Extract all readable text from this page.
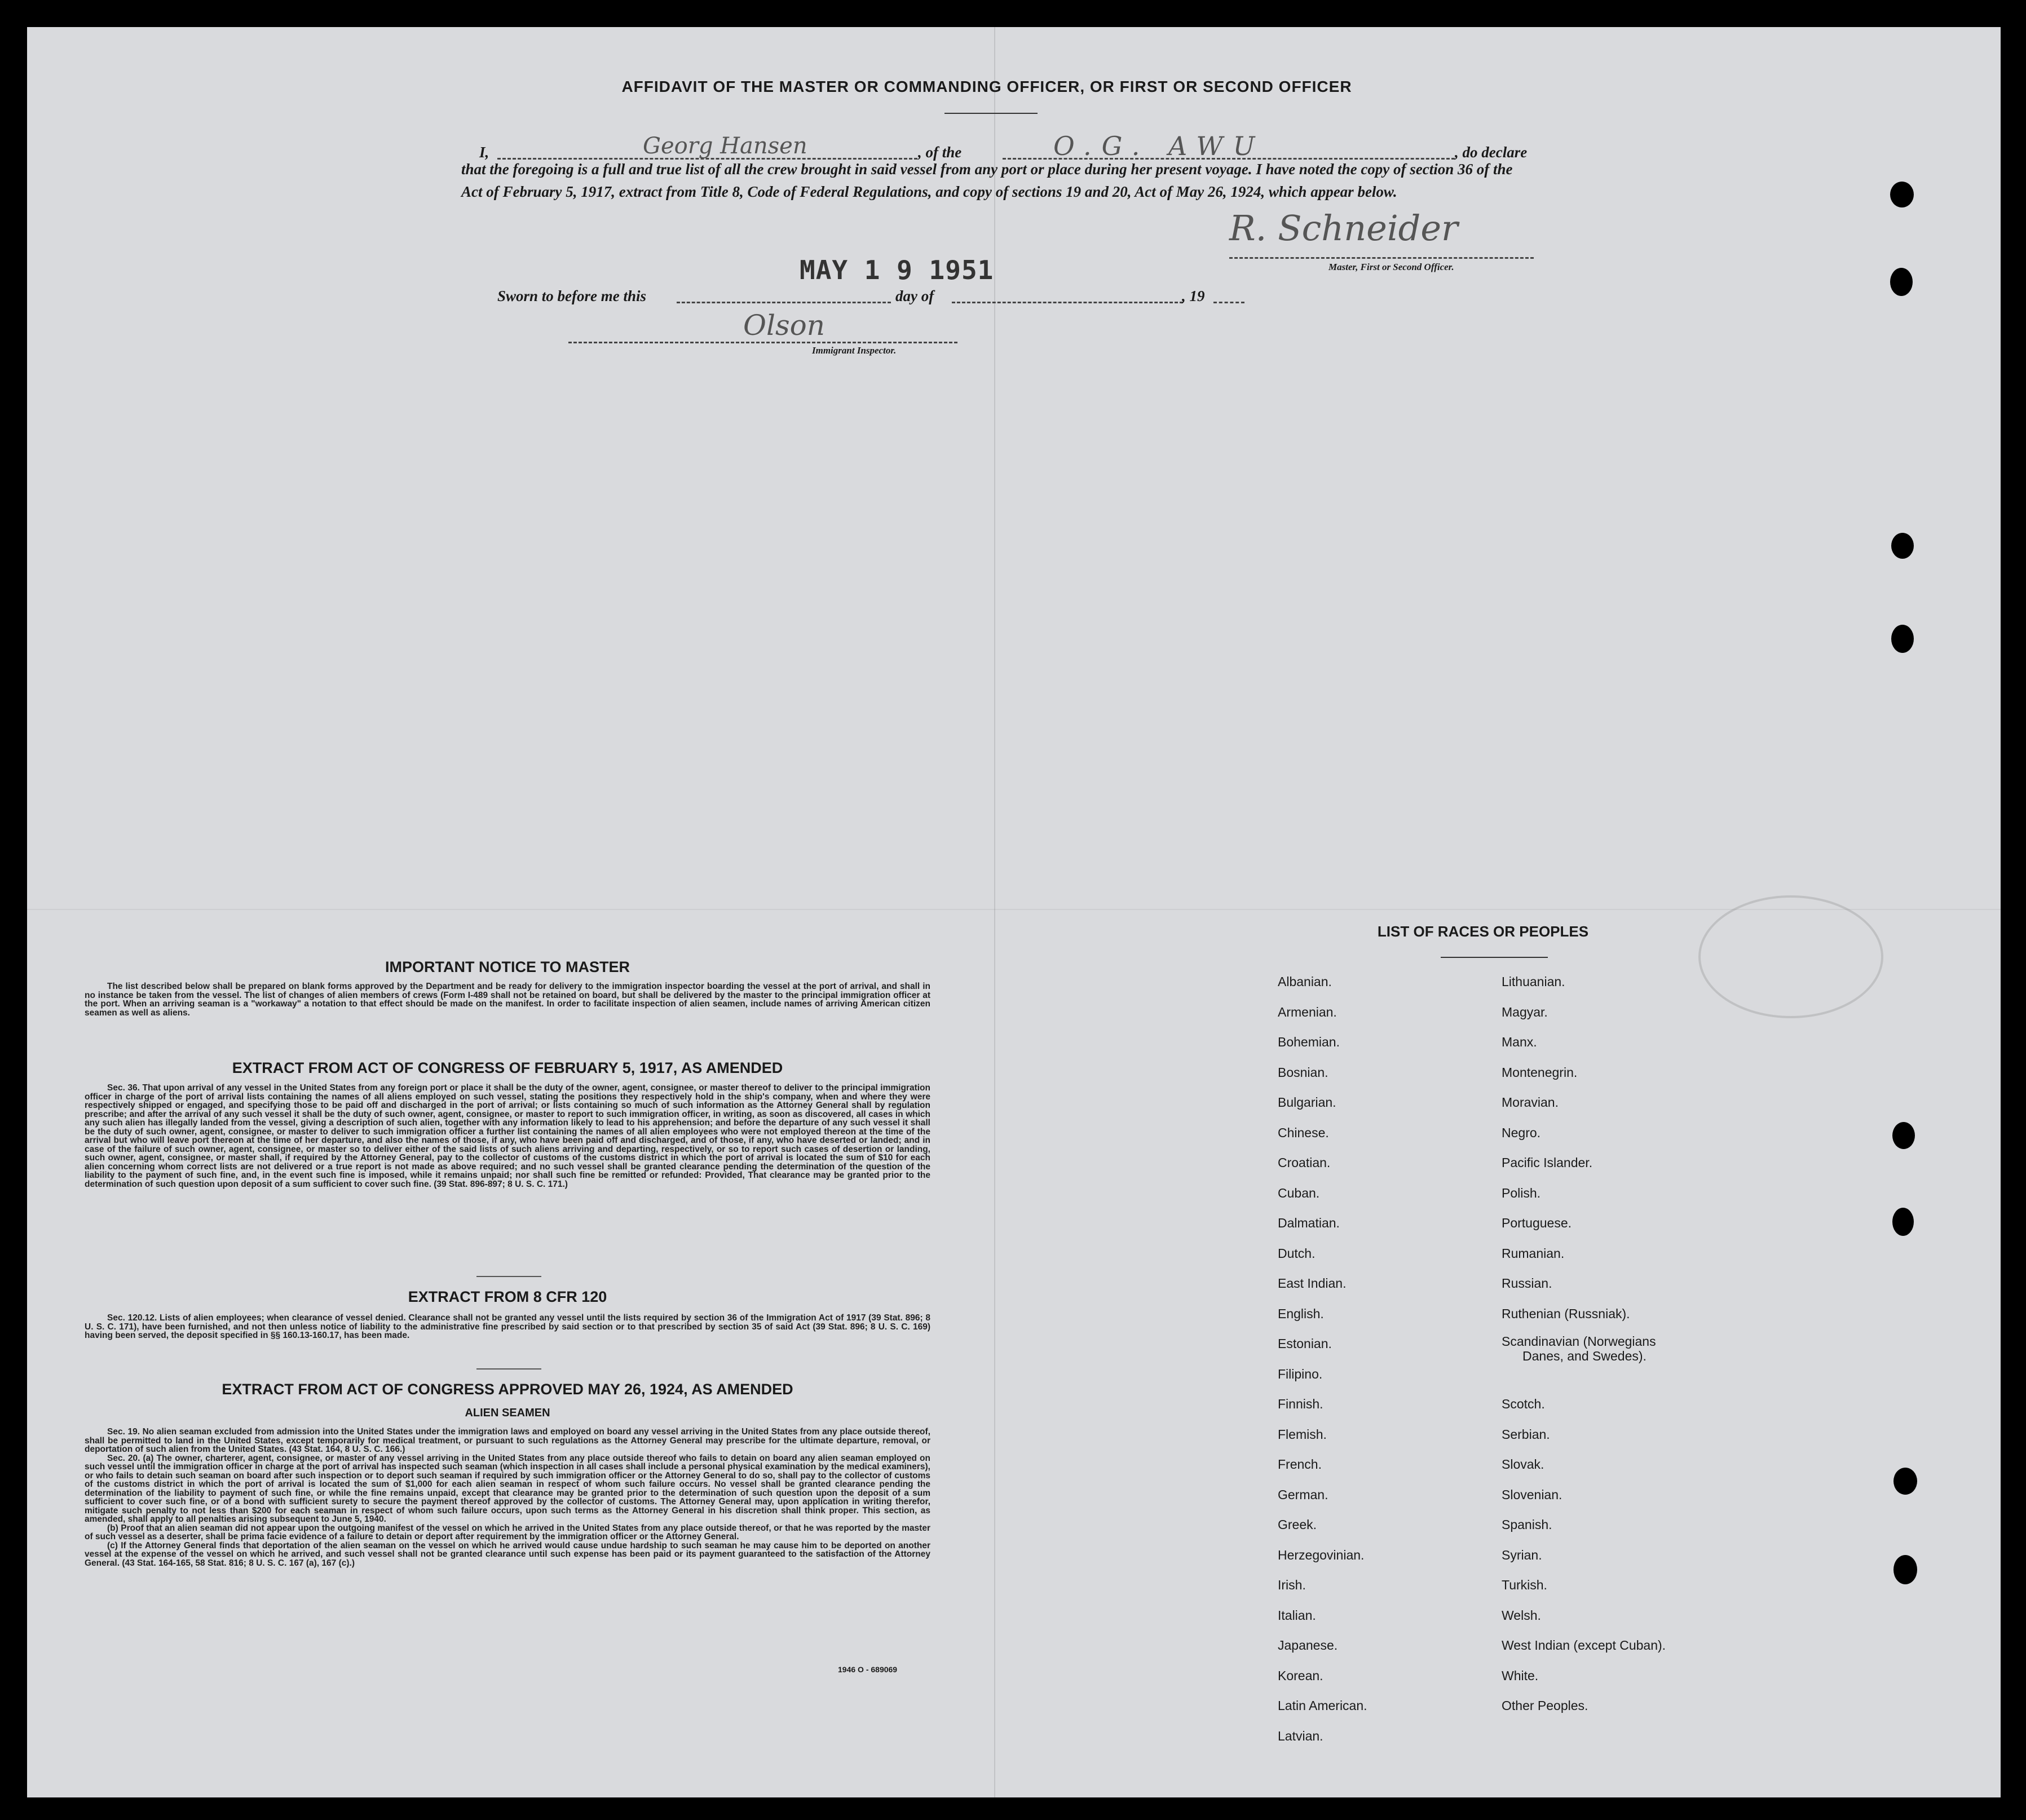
AFFIDAVIT OF THE MASTER OR COMMANDING OFFICER, OR FIRST OR SECOND OFFICER
I,	Georg Hansen	, of the	O.G. AWU	, do declare
that the foregoing is a full and true list of all the crew brought in said vessel from any port or place during her present voyage. I have noted the copy of section 36 of the Act of February 5, 1917, extract from Title 8, Code of Federal Regulations, and copy of sections 19 and 20, Act of May 26, 1924, which appear below.
R. Schneider
Master, First or Second Officer.
MAY 1 9 1951
Sworn to before me this	day of	, 19
Olson
Immigrant Inspector.
IMPORTANT NOTICE TO MASTER

The list described below shall be prepared on blank forms approved by the Department and be ready for delivery to the immigration inspector boarding the vessel at the port of arrival, and shall in no instance be taken from the vessel. The list of changes of alien members of crews (Form I-489 shall not be retained on board, but shall be delivered by the master to the principal immigration officer at the port. When an arriving seaman is a "workaway" a notation to that effect should be made on the manifest. In order to facilitate inspection of alien seamen, include names of arriving American citizen seamen as well as aliens.

EXTRACT FROM ACT OF CONGRESS OF FEBRUARY 5, 1917, AS AMENDED

Sec. 36. That upon arrival of any vessel in the United States from any foreign port or place it shall be the duty of the owner, agent, consignee, or master thereof to deliver to the principal immigration officer in charge of the port of arrival lists containing the names of all aliens employed on such vessel, stating the positions they respectively hold in the ship's company, when and where they were respectively shipped or engaged, and specifying those to be paid off and discharged in the port of arrival; or lists containing so much of such information as the Attorney General shall by regulation prescribe; and after the arrival of any such vessel it shall be the duty of such owner, agent, consignee, or master to report to such immigration officer, in writing, as soon as discovered, all cases in which any such alien has illegally landed from the vessel, giving a description of such alien, together with any information likely to lead to his apprehension; and before the departure of any such vessel it shall be the duty of such owner, agent, consignee, or master to deliver to such immigration officer a further list containing the names of all alien employees who were not employed thereon at the time of the arrival but who will leave port thereon at the time of her departure, and also the names of those, if any, who have been paid off and discharged, and of those, if any, who have deserted or landed; and in case of the failure of such owner, agent, consignee, or master so to deliver either of the said lists of such aliens arriving and departing, respectively, or so to report such cases of desertion or landing, such owner, agent, consignee, or master shall, if required by the Attorney General, pay to the collector of customs of the customs district in which the port of arrival is located the sum of $10 for each alien concerning whom correct lists are not delivered or a true report is not made as above required; and no such vessel shall be granted clearance pending the determination of the question of the liability to the payment of such fine, and, in the event such fine is imposed, while it remains unpaid; nor shall such fine be remitted or refunded: Provided, That clearance may be granted prior to the determination of such question upon deposit of a sum sufficient to cover such fine. (39 Stat. 896-897; 8 U. S. C. 171.)

EXTRACT FROM 8 CFR 120

Sec. 120.12. Lists of alien employees; when clearance of vessel denied. Clearance shall not be granted any vessel until the lists required by section 36 of the Immigration Act of 1917 (39 Stat. 896; 8 U. S. C. 171), have been furnished, and not then unless notice of liability to the administrative fine prescribed by said section or to that prescribed by section 35 of said Act (39 Stat. 896; 8 U. S. C. 169) having been served, the deposit specified in §§ 160.13-160.17, has been made.

EXTRACT FROM ACT OF CONGRESS APPROVED MAY 26, 1924, AS AMENDED
ALIEN SEAMEN

Sec. 19. No alien seaman excluded from admission into the United States under the immigration laws and employed on board any vessel arriving in the United States from any place outside thereof, shall be permitted to land in the United States, except temporarily for medical treatment, or pursuant to such regulations as the Attorney General may prescribe for the ultimate departure, removal, or deportation of such alien from the United States. (43 Stat. 164, 8 U. S. C. 166.)

Sec. 20. (a) The owner, charterer, agent, consignee, or master of any vessel arriving in the United States from any place outside thereof who fails to detain on board any alien seaman employed on such vessel until the immigration officer in charge at the port of arrival has inspected such seaman (which inspection in all cases shall include a personal physical examination by the medical examiners), or who fails to detain such seaman on board after such inspection or to deport such seaman if required by such immigration officer or the Attorney General to do so, shall pay to the collector of customs of the customs district in which the port of arrival is located the sum of $1,000 for each alien seaman in respect of whom such failure occurs. No vessel shall be granted clearance pending the determination of the liability to payment of such fine, or while the fine remains unpaid, except that clearance may be granted prior to the determination of such question upon the deposit of a sum sufficient to cover such fine, or of a bond with sufficient surety to secure the payment thereof approved by the collector of customs. The Attorney General may, upon application in writing therefor, mitigate such penalty to not less than $200 for each seaman in respect of whom such failure occurs, upon such terms as the Attorney General in his discretion shall think proper. This section, as amended, shall apply to all penalties arising subsequent to June 5, 1940.

(b) Proof that an alien seaman did not appear upon the outgoing manifest of the vessel on which he arrived in the United States from any place outside thereof, or that he was reported by the master of such vessel as a deserter, shall be prima facie evidence of a failure to detain or deport after requirement by the immigration officer or the Attorney General.

(c) If the Attorney General finds that deportation of the alien seaman on the vessel on which he arrived would cause undue hardship to such seaman he may cause him to be deported on another vessel at the expense of the vessel on which he arrived, and such vessel shall not be granted clearance until such expense has been paid or its payment guaranteed to the satisfaction of the Attorney General. (43 Stat. 164-165, 58 Stat. 816; 8 U. S. C. 167 (a), 167 (c).)

1946 O - 689069
LIST OF RACES OR PEOPLES
Albanian.
Armenian.
Bohemian.
Bosnian.
Bulgarian.
Chinese.
Croatian.
Cuban.
Dalmatian.
Dutch.
East Indian.
English.
Estonian.
Filipino.
Finnish.
Flemish.
French.
German.
Greek.
Herzegovinian.
Irish.
Italian.
Japanese.
Korean.
Latin American.
Latvian.
Lithuanian.
Magyar.
Manx.
Montenegrin.
Moravian.
Negro.
Pacific Islander.
Polish.
Portuguese.
Rumanian.
Russian.
Ruthenian (Russniak).
Scandinavian (Norwegians
Danes, and Swedes).
Scotch.
Serbian.
Slovak.
Slovenian.
Spanish.
Syrian.
Turkish.
Welsh.
West Indian (except Cuban).
White.
Other Peoples.
